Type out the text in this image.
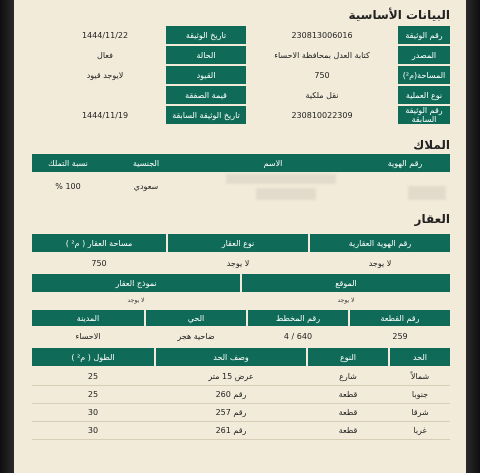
البيانات الأساسية
رقم الوثيقة
230813006016
تاريخ الوثيقة
1444/11/22
المصدر
كتابة العدل بمحافظة الاحساء
الحالة
فعال
المساحة(م²)
750
القيود
لايوجد قيود
نوع العملية
نقل ملكية
قيمة الصفقة
رقم الوثيقة السابقة
230810022309
تاريخ الوثيقة السابقة
1444/11/19
الملاك
رقم الهوية
الاسم
الجنسية
نسبة التملك
سعودي
100 %
العقار
رقم الهوية العقارية
نوع العقار
مساحة العقار ( م² )
لا يوجد
لا يوجد
750
الموقع
نموذج العقار
لا يوجد
لا يوجد
رقم القطعة
رقم المخطط
الحي
المدينة
259
640 / 4
ضاحية هجر
الاحساء
الحد
النوع
وصف الحد
الطول ( م² )
شمالاً
شارع
عرض 15 متر
25
جنوبا
قطعة
رقم 260
25
شرقا
قطعة
رقم 257
30
غربا
قطعة
رقم 261
30
